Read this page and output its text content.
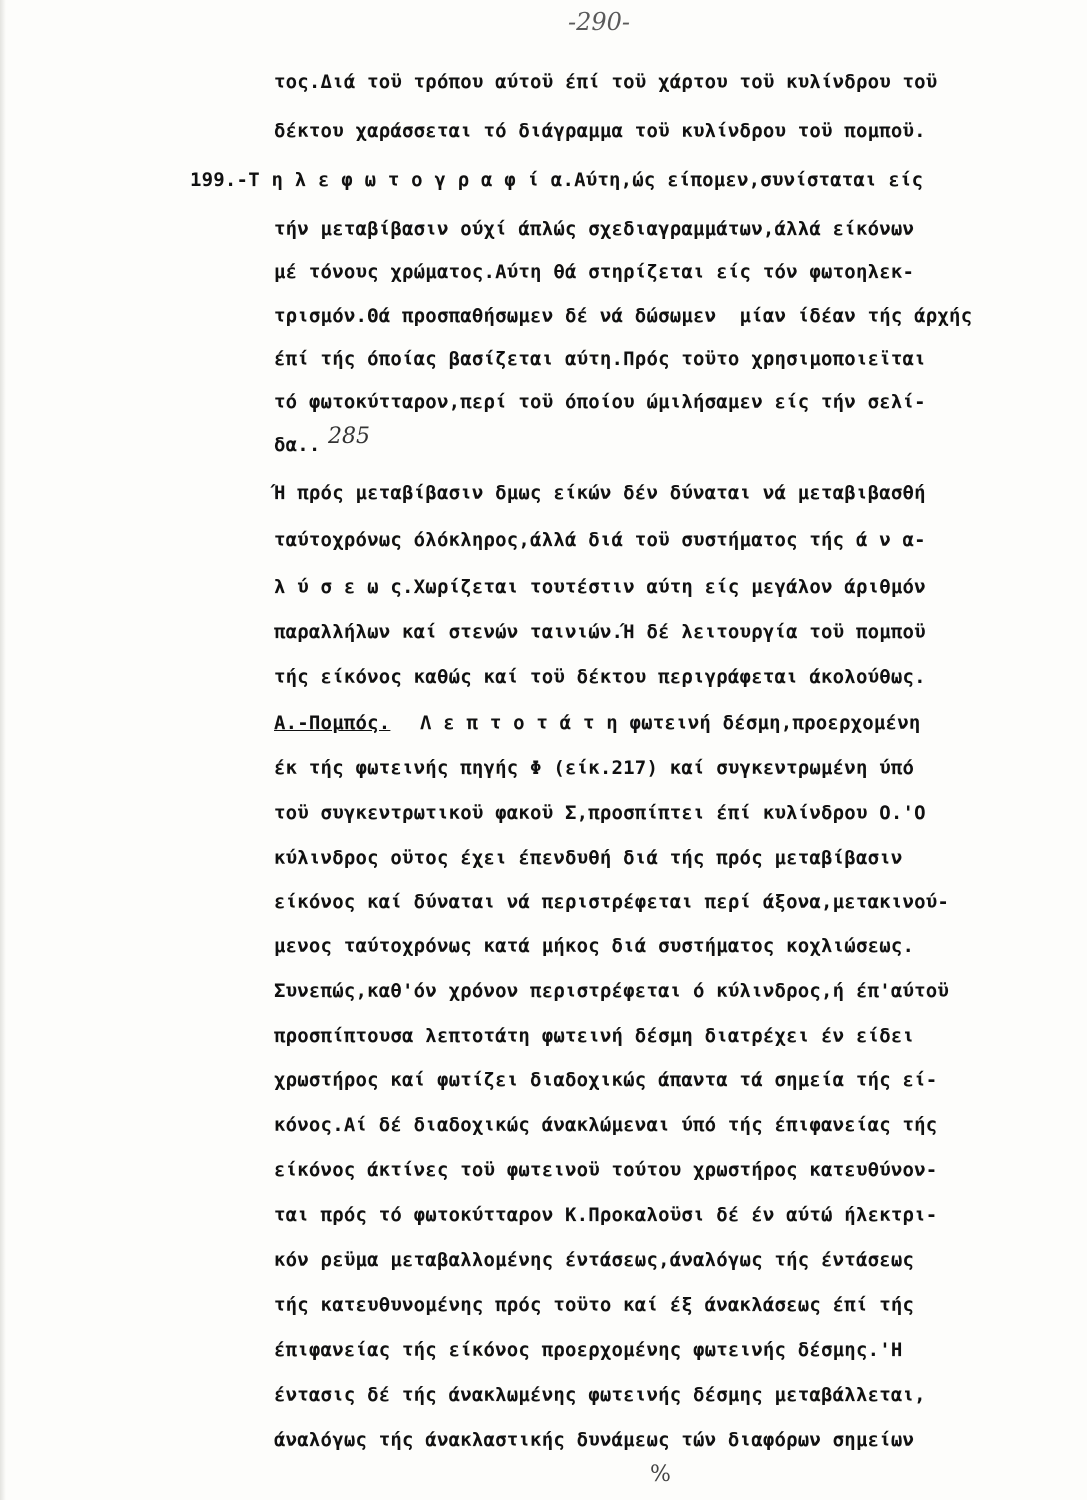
-290-
τος.Διά τοϋ τρόπου αύτοϋ έπί τοϋ χάρτου τοϋ κυλίνδρου τοϋ
δέκτου χαράσσεται τό διάγραμμα τοϋ κυλίνδρου τοϋ πομποϋ.
199.-Τ η λ ε φ ω τ ο γ ρ α φ ί α.Αύτη,ώς είπομεν,συνίσταται είς
τήν μεταβίβασιν ούχί άπλώς σχεδιαγραμμάτων,άλλά είκόνων
μέ τόνους χρώματος.Αύτη θά στηρίζεται είς τόν φωτοηλεκ-
τρισμόν.Θά προσπαθήσωμεν δέ νά δώσωμεν  μίαν ίδέαν τής άρχής
έπί τής όποίας βασίζεται αύτη.Πρός τοϋτο χρησιμοποιεϊται
τό φωτοκύτταρον,περί τοϋ όποίου ώμιλήσαμεν είς τήν σελί-
δα.. 285
Ή πρός μεταβίβασιν δμως είκών δέν δύναται νά μεταβιβασθή
ταύτοχρόνως όλόκληρος,άλλά διά τοϋ συστήματος τής ά ν α-
λ ύ σ ε ω ς.Χωρίζεται τουτέστιν αύτη είς μεγάλον άριθμόν
παραλλήλων καί στενών ταινιών.Ή δέ λειτουργία τοϋ πομποϋ
τής είκόνος καθώς καί τοϋ δέκτου περιγράφεται άκολούθως.
Α.-Πομπός. Λ ε π τ ο τ ά τ η φωτεινή δέσμη,προερχομένη
έκ τής φωτεινής πηγής Φ (είκ.217) καί συγκεντρωμένη ύπό
τοϋ συγκεντρωτικοϋ φακοϋ Σ,προσπίπτει έπί κυλίνδρου Ο.'Ο
κύλινδρος οϋτος έχει έπενδυθή διά τής πρός μεταβίβασιν
είκόνος καί δύναται νά περιστρέφεται περί άξονα,μετακινού-
μενος ταύτοχρόνως κατά μήκος διά συστήματος κοχλιώσεως.
Συνεπώς,καθ'όν χρόνον περιστρέφεται ό κύλινδρος,ή έπ'αύτοϋ
προσπίπτουσα λεπτοτάτη φωτεινή δέσμη διατρέχει έν είδει
χρωστήρος καί φωτίζει διαδοχικώς άπαντα τά σημεία τής εί-
κόνος.Αί δέ διαδοχικώς άνακλώμεναι ύπό τής έπιφανείας τής
είκόνος άκτίνες τοϋ φωτεινοϋ τούτου χρωστήρος κατευθύνον-
ται πρός τό φωτοκύτταρον Κ.Προκαλοϋσι δέ έν αύτώ ήλεκτρι-
κόν ρεϋμα μεταβαλλομένης έντάσεως,άναλόγως τής έντάσεως
τής κατευθυνομένης πρός τοϋτο καί έξ άνακλάσεως έπί τής
έπιφανείας τής είκόνος προερχομένης φωτεινής δέσμης.'Η
έντασις δέ τής άνακλωμένης φωτεινής δέσμης μεταβάλλεται,
άναλόγως τής άνακλαστικής δυνάμεως τών διαφόρων σημείων
%
